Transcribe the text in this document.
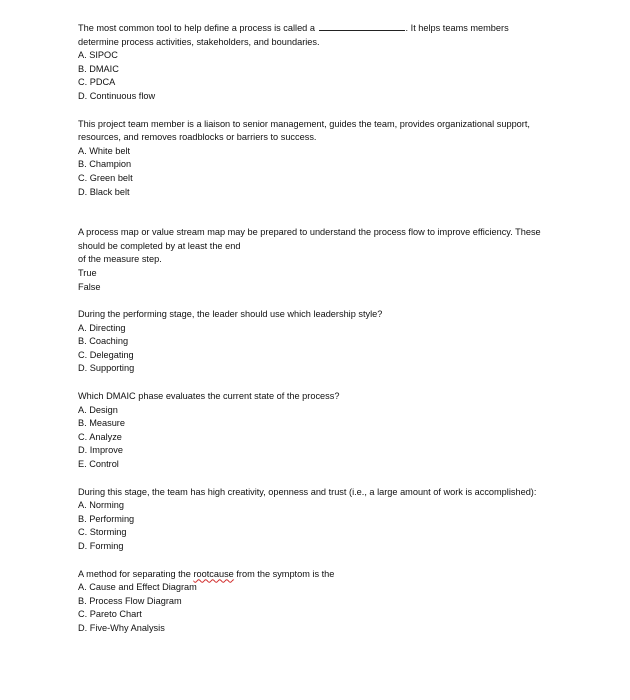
The most common tool to help define a process is called a	. It helps teams members determine process activities, stakeholders, and boundaries.

A. SIPOC
B. DMAIC
C. PDCA
D. Continuous flow

This project team member is a liaison to senior management, guides the team, provides organizational support, resources, and removes roadblocks or barriers to success.

A. White belt
B. Champion
C. Green belt
D. Black belt

A process map or value stream map may be prepared to understand the process flow to improve efficiency. These should be completed by at least the end
of the measure step.

True
False

During the performing stage, the leader should use which leadership style?

A. Directing
B. Coaching
C. Delegating
D. Supporting

Which DMAIC phase evaluates the current state of the process?

A. Design
B. Measure
C. Analyze
D. Improve
E. Control

During this stage, the team has high creativity, openness and trust (i.e., a large amount of work is accomplished):

A. Norming
B. Performing
C. Storming
D. Forming

A method for separating the rootcause from the symptom is the

A. Cause and Effect Diagram
B. Process Flow Diagram
C. Pareto Chart
D. Five-Why Analysis
